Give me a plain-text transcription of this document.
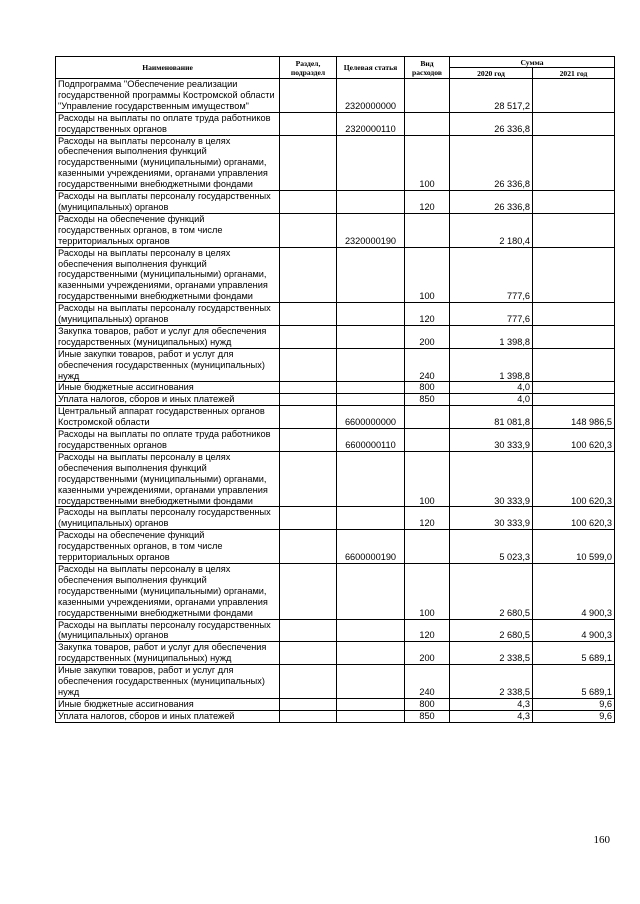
Наименование	Раздел, подраздел	Целевая статья	Вид расходов	Сумма	
				2020 год	2021 год
Подпрограмма "Обеспечение реализации государственной программы Костромской области "Управление государственным имуществом"		2320000000		28 517,2	
Расходы на выплаты по оплате труда работников государственных органов		2320000110		26 336,8	
Расходы на выплаты персоналу в целях обеспечения выполнения функций государственными (муниципальными) органами, казенными учреждениями, органами управления государственными внебюджетными фондами			100	26 336,8	
Расходы на выплаты персоналу государственных (муниципальных) органов			120	26 336,8	
Расходы на обеспечение функций государственных органов, в том числе территориальных органов		2320000190		2 180,4	
Расходы на выплаты персоналу в целях обеспечения выполнения функций государственными (муниципальными) органами, казенными учреждениями, органами управления государственными внебюджетными фондами			100	777,6	
Расходы на выплаты персоналу государственных (муниципальных) органов			120	777,6	
Закупка товаров, работ и услуг для обеспечения государственных (муниципальных) нужд			200	1 398,8	
Иные закупки товаров, работ и услуг для обеспечения государственных (муниципальных) нужд			240	1 398,8	
Иные бюджетные ассигнования			800	4,0	
Уплата налогов, сборов и иных платежей			850	4,0	
Центральный аппарат государственных органов Костромской области		6600000000		81 081,8	148 986,5
Расходы на выплаты по оплате труда работников государственных органов		6600000110		30 333,9	100 620,3
Расходы на выплаты персоналу в целях обеспечения выполнения функций государственными (муниципальными) органами, казенными учреждениями, органами управления государственными внебюджетными фондами			100	30 333,9	100 620,3
Расходы на выплаты персоналу государственных (муниципальных) органов			120	30 333,9	100 620,3
Расходы на обеспечение функций государственных органов, в том числе территориальных органов		6600000190		5 023,3	10 599,0
Расходы на выплаты персоналу в целях обеспечения выполнения функций государственными (муниципальными) органами, казенными учреждениями, органами управления государственными внебюджетными фондами			100	2 680,5	4 900,3
Расходы на выплаты персоналу государственных (муниципальных) органов			120	2 680,5	4 900,3
Закупка товаров, работ и услуг для обеспечения государственных (муниципальных) нужд			200	2 338,5	5 689,1
Иные закупки товаров, работ и услуг для обеспечения государственных (муниципальных) нужд			240	2 338,5	5 689,1
Иные бюджетные ассигнования			800	4,3	9,6
Уплата налогов, сборов и иных платежей			850	4,3	9,6
160
